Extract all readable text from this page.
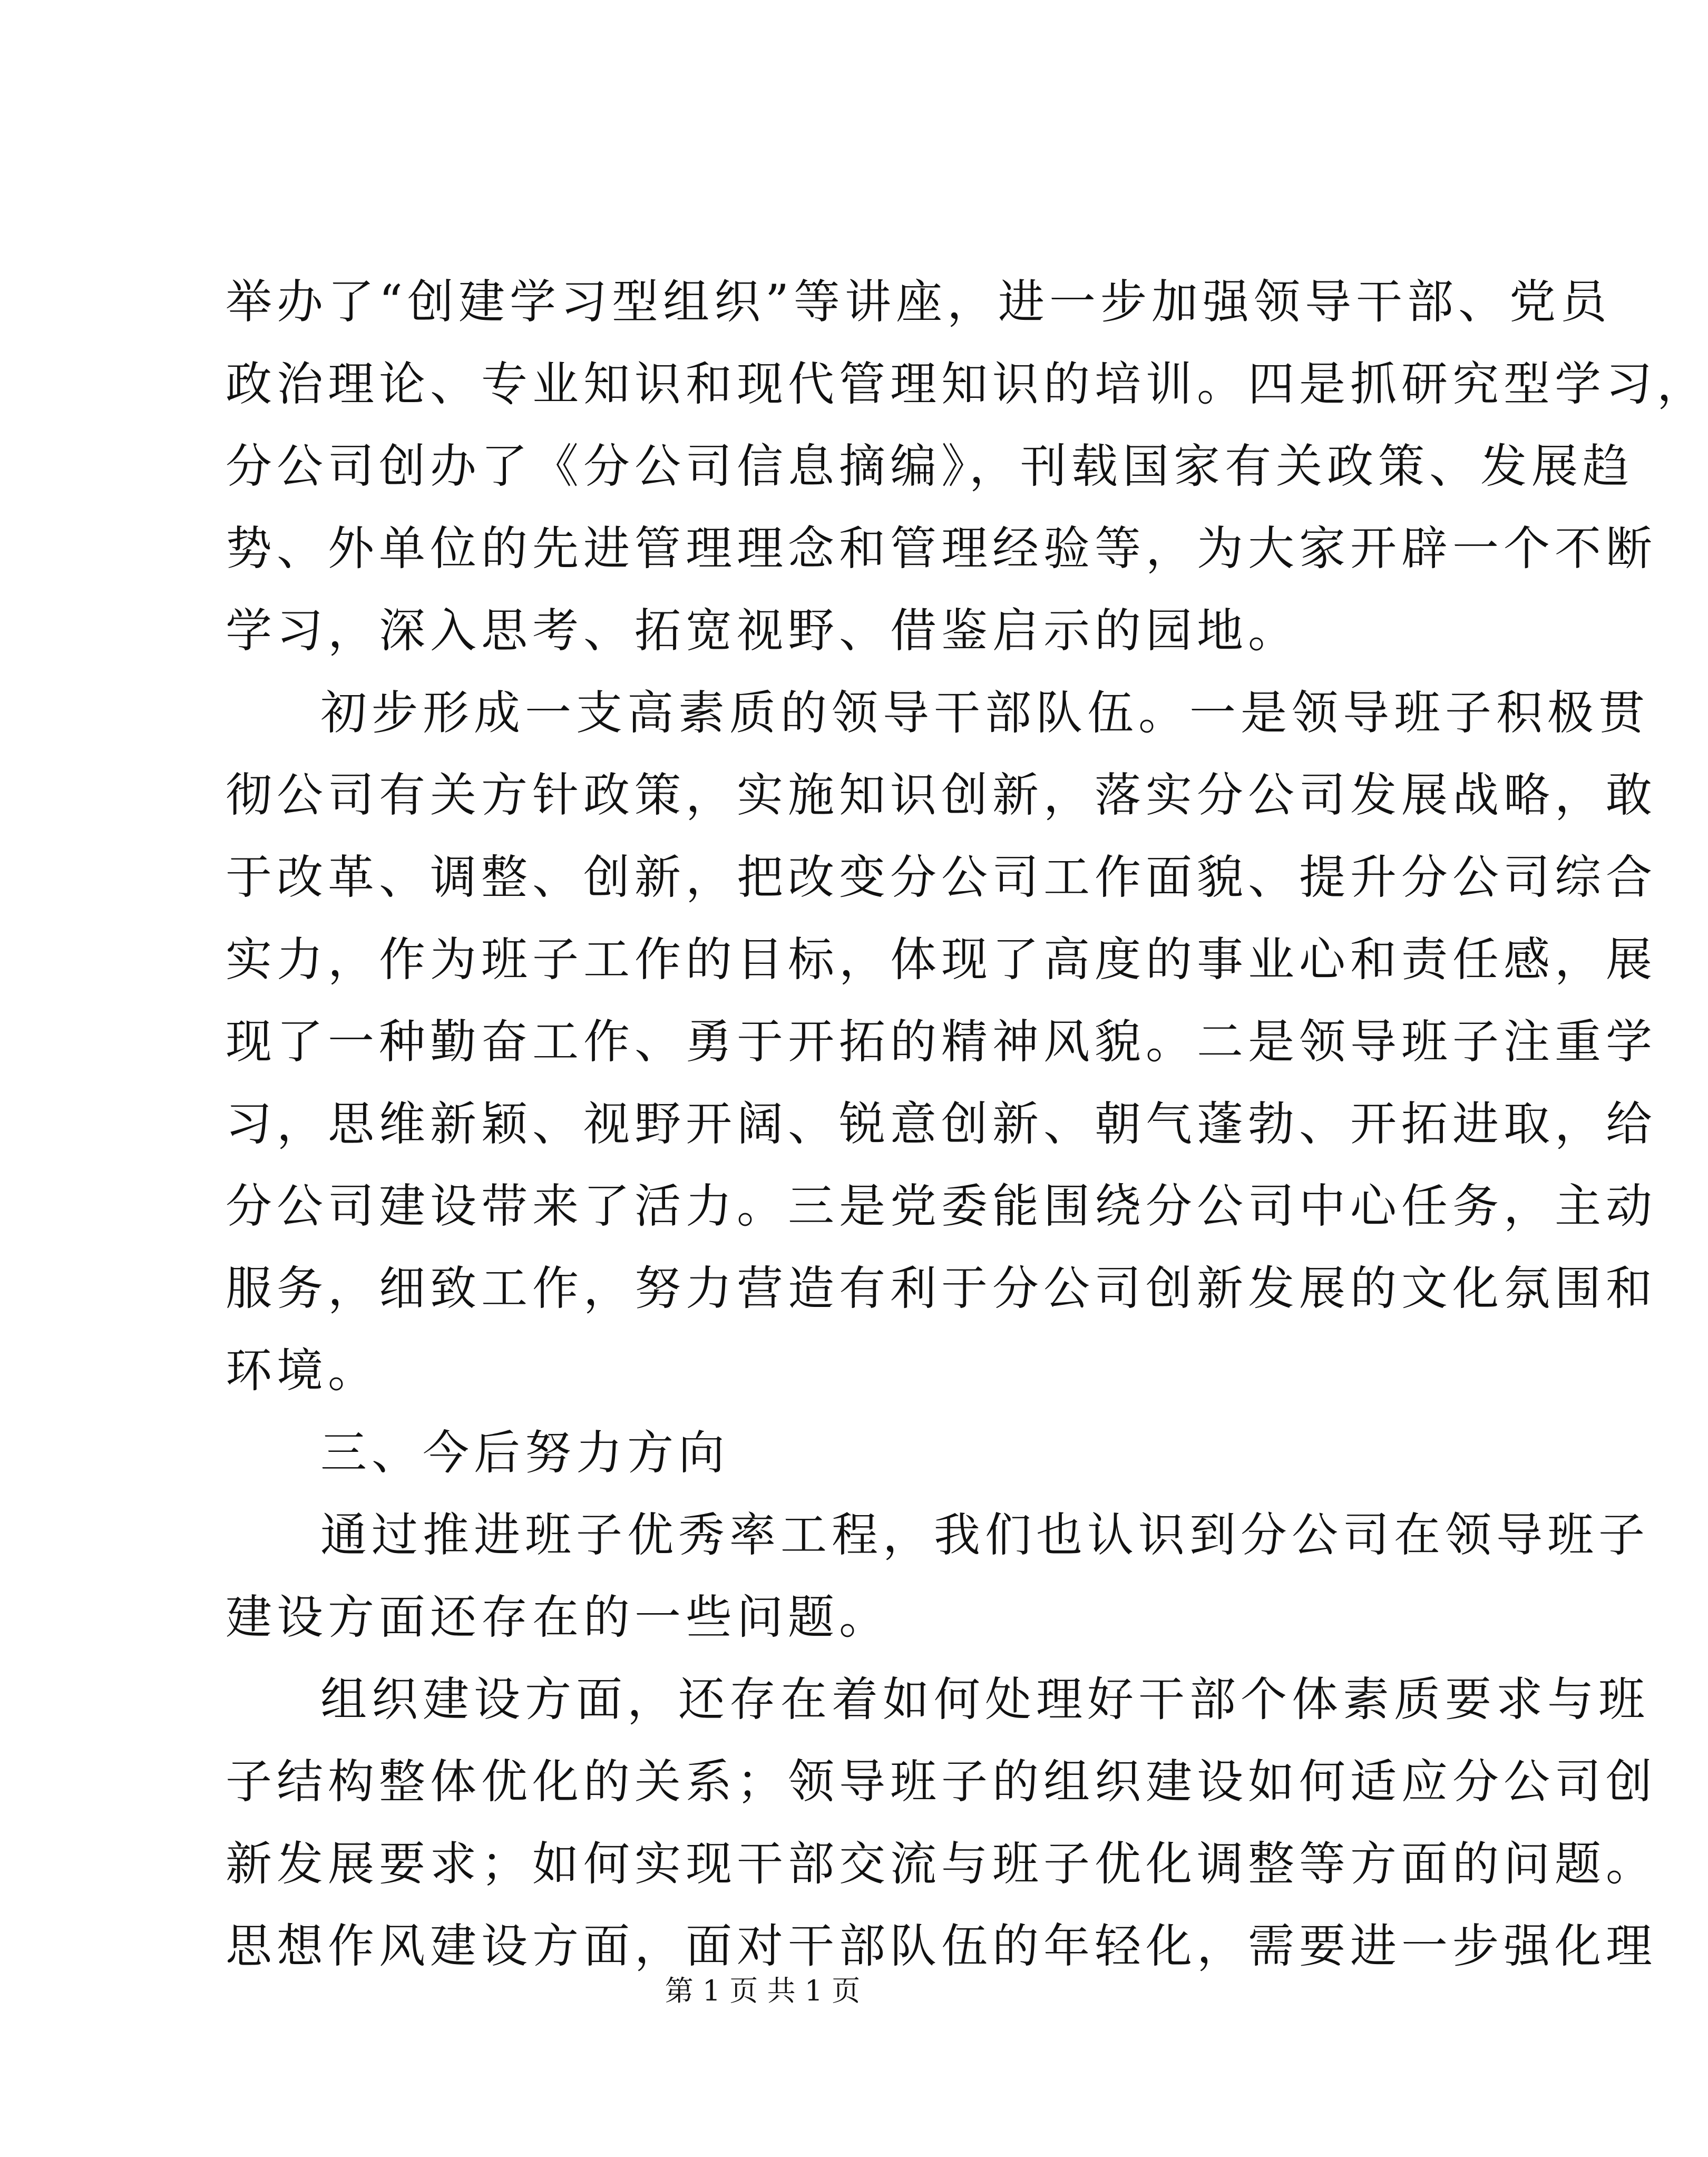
举办了“创建学习型组织”等讲座，进一步加强领导干部、党员
政治理论、专业知识和现代管理知识的培训。四是抓研究型学习，
分公司创办了《分公司信息摘编》，刊载国家有关政策、发展趋
势、外单位的先进管理理念和管理经验等，为大家开辟一个不断
学习，深入思考、拓宽视野、借鉴启示的园地。
初步形成一支高素质的领导干部队伍。一是领导班子积极贯
彻公司有关方针政策，实施知识创新，落实分公司发展战略，敢
于改革、调整、创新，把改变分公司工作面貌、提升分公司综合
实力，作为班子工作的目标，体现了高度的事业心和责任感，展
现了一种勤奋工作、勇于开拓的精神风貌。二是领导班子注重学
习，思维新颖、视野开阔、锐意创新、朝气蓬勃、开拓进取，给
分公司建设带来了活力。三是党委能围绕分公司中心任务，主动
服务，细致工作，努力营造有利于分公司创新发展的文化氛围和
环境。
三、今后努力方向
通过推进班子优秀率工程，我们也认识到分公司在领导班子
建设方面还存在的一些问题。
组织建设方面，还存在着如何处理好干部个体素质要求与班
子结构整体优化的关系；领导班子的组织建设如何适应分公司创
新发展要求；如何实现干部交流与班子优化调整等方面的问题。
思想作风建设方面，面对干部队伍的年轻化，需要进一步强化理
第 1 页 共 1 页
